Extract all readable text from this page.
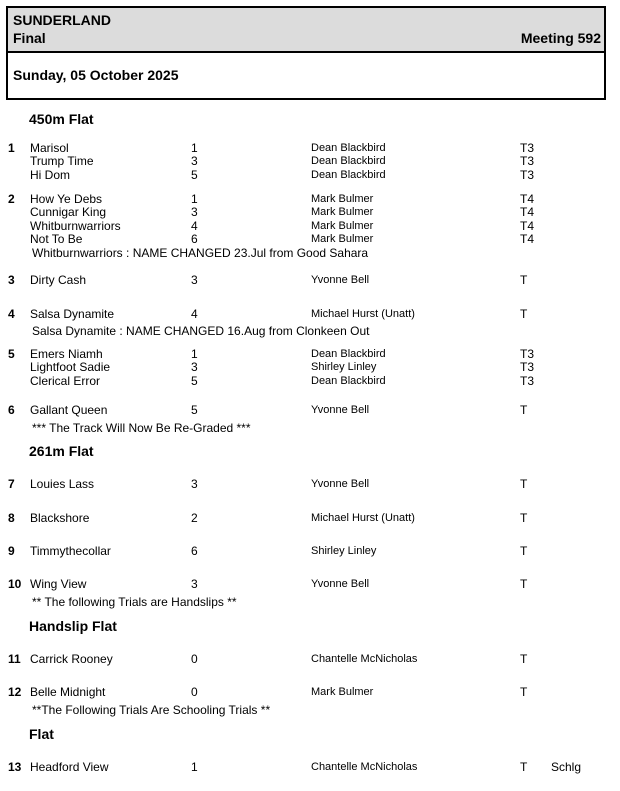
SUNDERLAND
Final	Meeting 592
Sunday, 05 October 2025
450m Flat
261m Flat
Handslip Flat
Flat
1 Marisol	1	Dean Blackbird	T3
Trump Time	3	Dean Blackbird	T3
Hi Dom	5	Dean Blackbird	T3
2 How Ye Debs	1	Mark Bulmer	T4
Cunnigar King	3	Mark Bulmer	T4
Whitburnwarriors	4	Mark Bulmer	T4
Not To Be	6	Mark Bulmer	T4
Whitburnwarriors : NAME CHANGED 23.Jul from Good Sahara
3 Dirty Cash	3	Yvonne Bell	T
4 Salsa Dynamite	4	Michael Hurst (Unatt)	T
Salsa Dynamite : NAME CHANGED 16.Aug from Clonkeen Out
5 Emers Niamh	1	Dean Blackbird	T3
Lightfoot Sadie	3	Shirley Linley	T3
Clerical Error	5	Dean Blackbird	T3
6 Gallant Queen	5	Yvonne Bell	T
*** The Track Will Now Be Re-Graded ***
7 Louies Lass	3	Yvonne Bell	T
8 Blackshore	2	Michael Hurst (Unatt)	T
9 Timmythecollar	6	Shirley Linley	T
10 Wing View	3	Yvonne Bell	T
** The following Trials are Handslips **
11 Carrick Rooney	0	Chantelle McNicholas	T
12 Belle Midnight	0	Mark Bulmer	T
**The Following Trials Are Schooling Trials **
13 Headford View	1	Chantelle McNicholas	T Schlg
